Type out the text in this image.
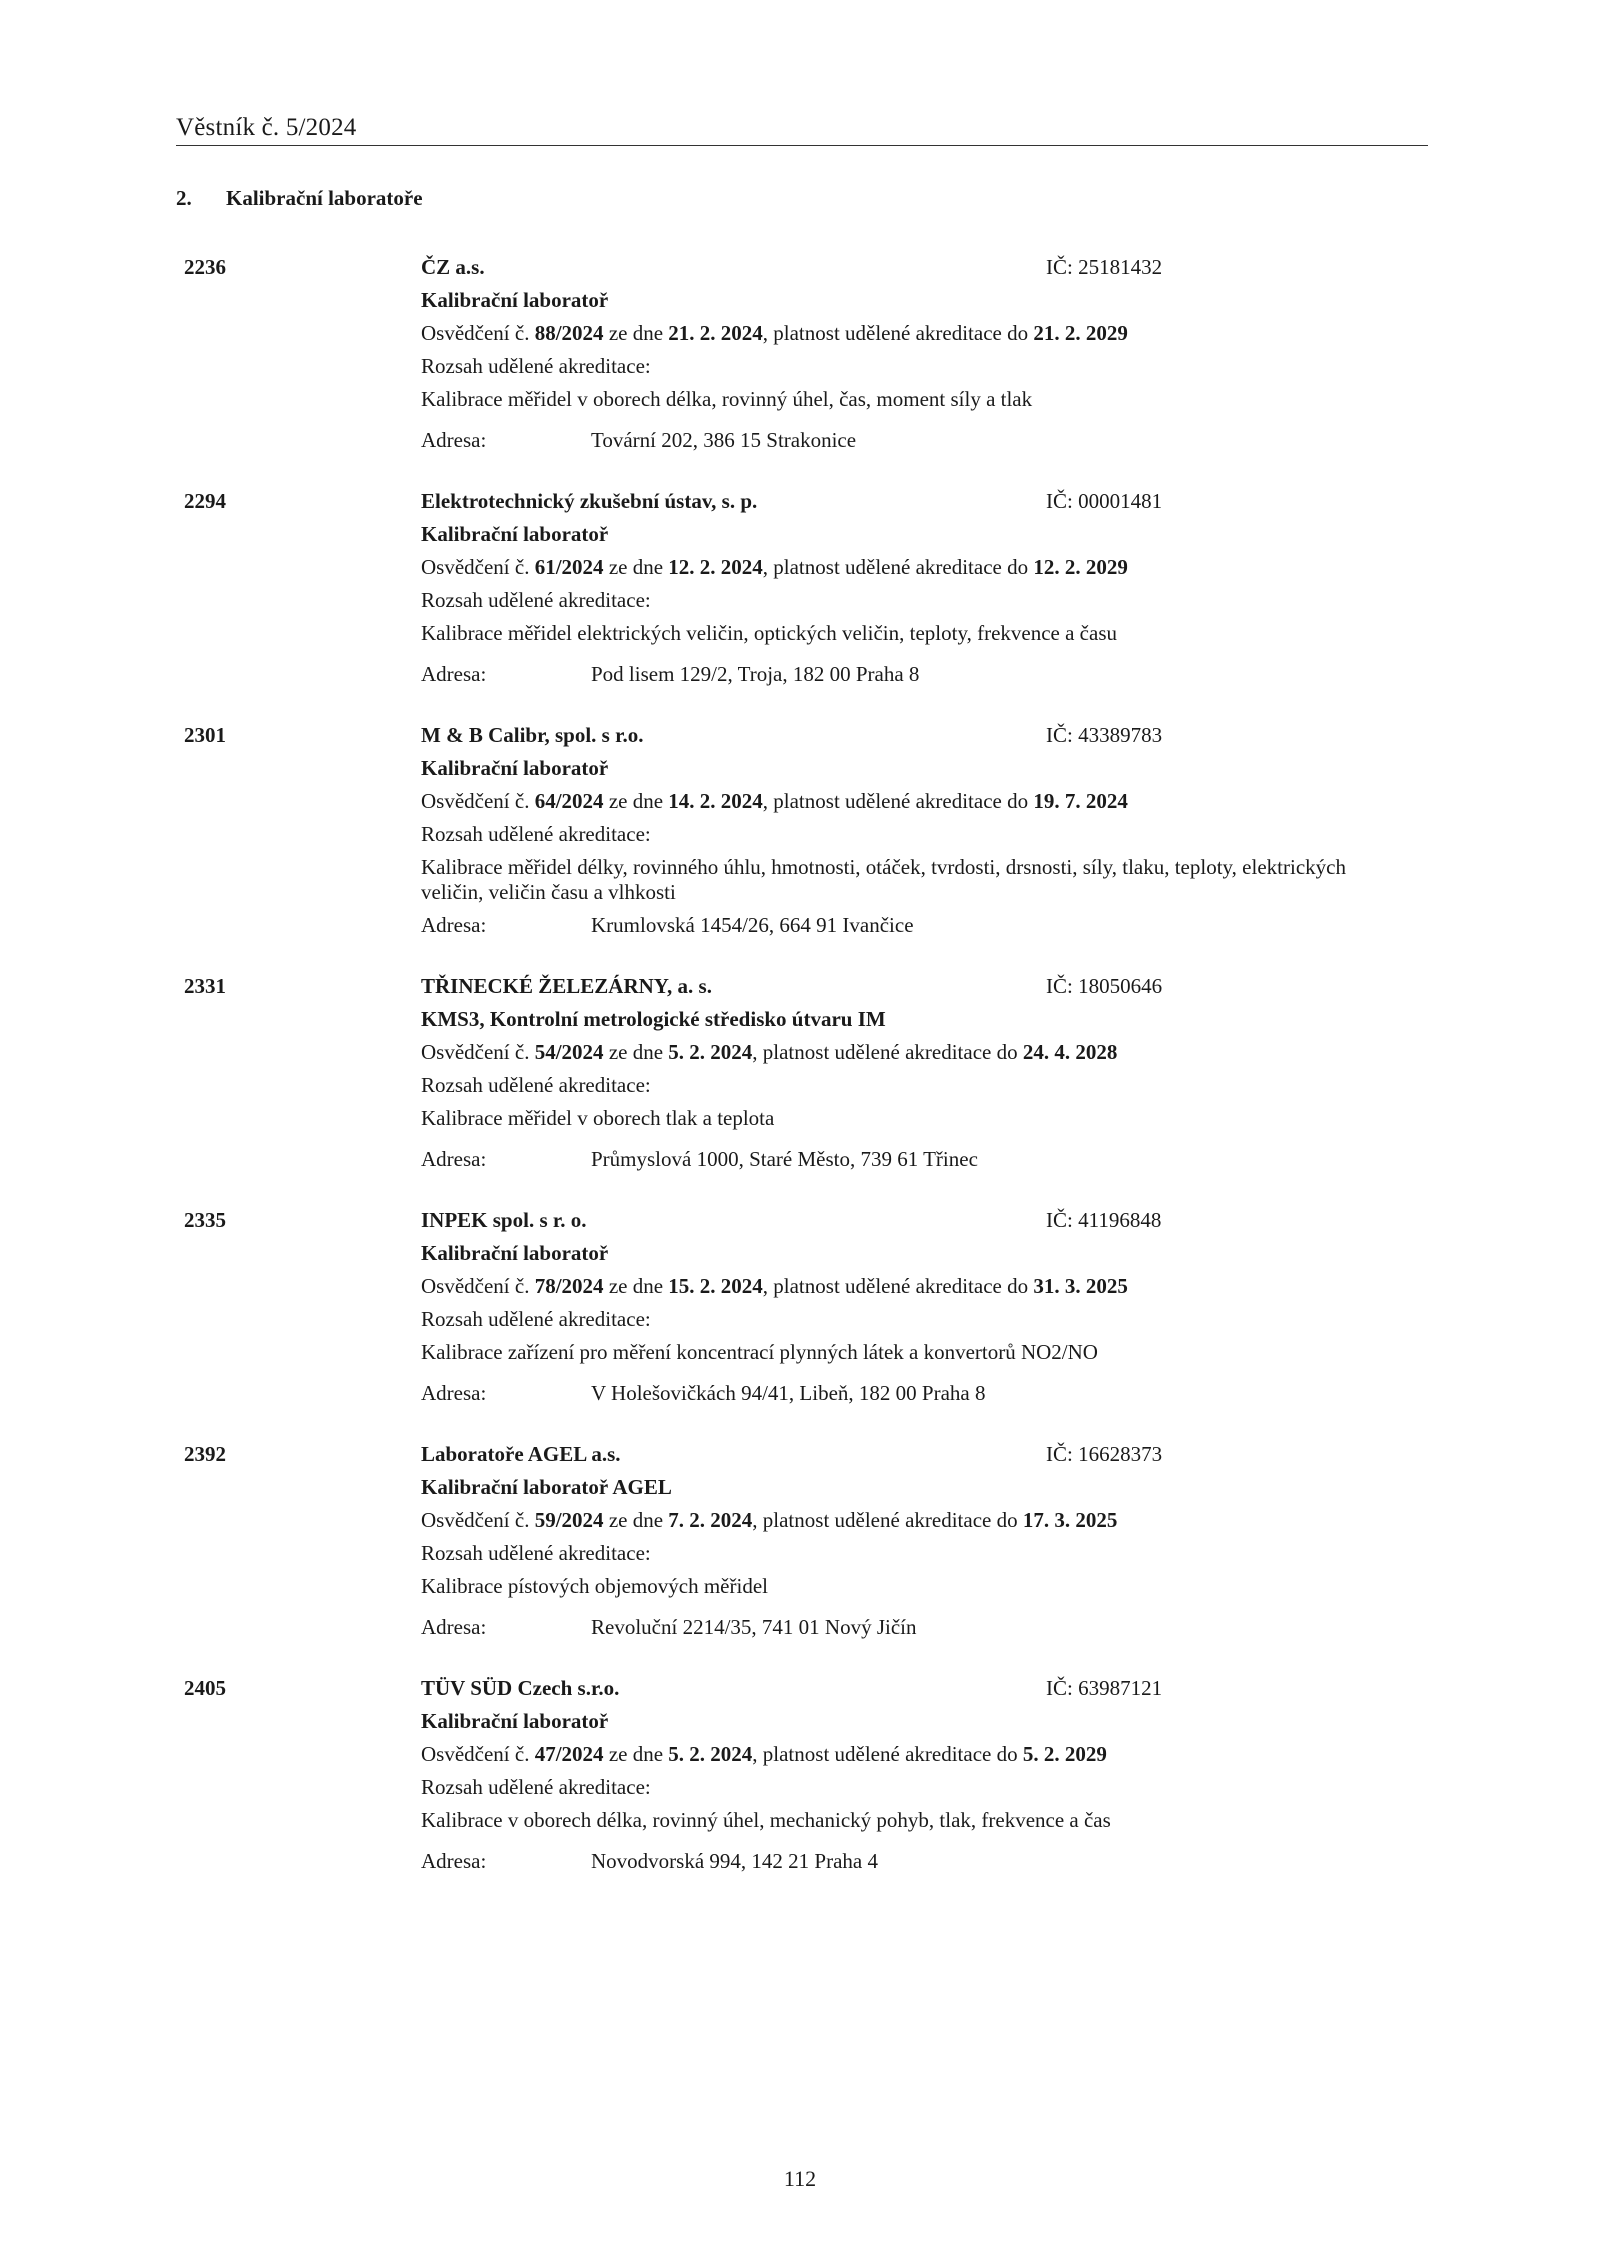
Věstník č. 5/2024
2. Kalibrační laboratoře
2236	ČZ a.s.	IČ: 25181432
Kalibrační laboratoř
Osvědčení č. 88/2024 ze dne 21. 2. 2024, platnost udělené akreditace do 21. 2. 2029
Rozsah udělené akreditace:
Kalibrace měřidel v oborech délka, rovinný úhel, čas, moment síly a tlak
Adresa:	Tovární 202, 386 15 Strakonice
2294	Elektrotechnický zkušební ústav, s. p.	IČ: 00001481
Kalibrační laboratoř
Osvědčení č. 61/2024 ze dne 12. 2. 2024, platnost udělené akreditace do 12. 2. 2029
Rozsah udělené akreditace:
Kalibrace měřidel elektrických veličin, optických veličin, teploty, frekvence a času
Adresa:	Pod lisem 129/2, Troja, 182 00 Praha 8
2301	M & B Calibr, spol. s r.o.	IČ: 43389783
Kalibrační laboratoř
Osvědčení č. 64/2024 ze dne 14. 2. 2024, platnost udělené akreditace do 19. 7. 2024
Rozsah udělené akreditace:
Kalibrace měřidel délky, rovinného úhlu, hmotnosti, otáček, tvrdosti, drsnosti, síly, tlaku, teploty, elektrických veličin, veličin času a vlhkosti
Adresa:	Krumlovská 1454/26, 664 91 Ivančice
2331	TŘINECKÉ ŽELEZÁRNY, a. s.	IČ: 18050646
KMS3, Kontrolní metrologické středisko útvaru IM
Osvědčení č. 54/2024 ze dne 5. 2. 2024, platnost udělené akreditace do 24. 4. 2028
Rozsah udělené akreditace:
Kalibrace měřidel v oborech tlak a teplota
Adresa:	Průmyslová 1000, Staré Město, 739 61 Třinec
2335	INPEK spol. s r. o.	IČ: 41196848
Kalibrační laboratoř
Osvědčení č. 78/2024 ze dne 15. 2. 2024, platnost udělené akreditace do 31. 3. 2025
Rozsah udělené akreditace:
Kalibrace zařízení pro měření koncentrací plynných látek a konvertorů NO2/NO
Adresa:	V Holešovičkách 94/41, Libeň, 182 00 Praha 8
2392	Laboratoře AGEL a.s.	IČ: 16628373
Kalibrační laboratoř AGEL
Osvědčení č. 59/2024 ze dne 7. 2. 2024, platnost udělené akreditace do 17. 3. 2025
Rozsah udělené akreditace:
Kalibrace pístových objemových měřidel
Adresa:	Revoluční 2214/35, 741 01 Nový Jičín
2405	TÜV SÜD Czech s.r.o.	IČ: 63987121
Kalibrační laboratoř
Osvědčení č. 47/2024 ze dne 5. 2. 2024, platnost udělené akreditace do 5. 2. 2029
Rozsah udělené akreditace:
Kalibrace v oborech délka, rovinný úhel, mechanický pohyb, tlak, frekvence a čas
Adresa:	Novodvorská 994, 142 21 Praha 4
112
